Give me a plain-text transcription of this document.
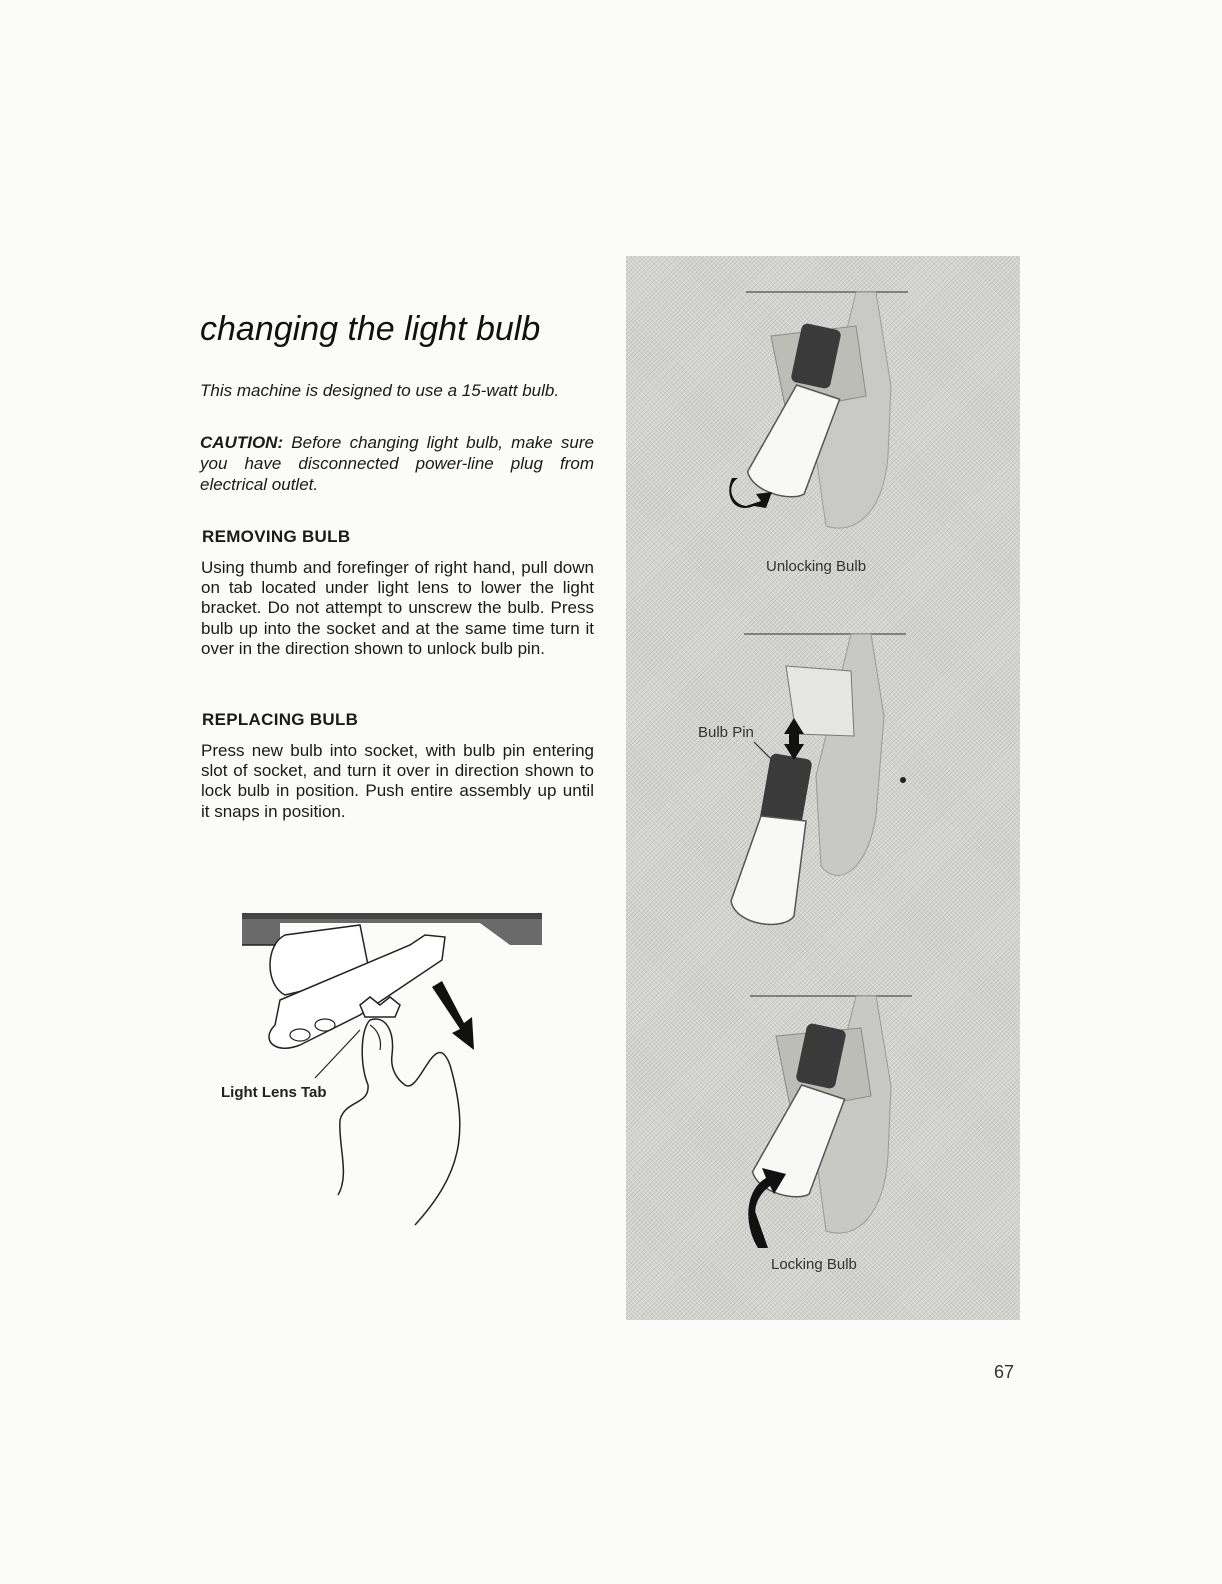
changing the light bulb

This machine is designed to use a 15-watt bulb.

CAUTION: Before changing light bulb, make sure you have disconnected power-line plug from electrical outlet.

REMOVING BULB

Using thumb and forefinger of right hand, pull down on tab located under light lens to lower the light bracket. Do not attempt to unscrew the bulb. Press bulb up into the socket and at the same time turn it over in the direction shown to unlock bulb pin.

REPLACING BULB

Press new bulb into socket, with bulb pin entering slot of socket, and turn it over in direction shown to lock bulb in position. Push entire assembly up until it snaps in position.

Light Lens Tab
Unlocking Bulb
Bulb Pin
Locking Bulb
67
